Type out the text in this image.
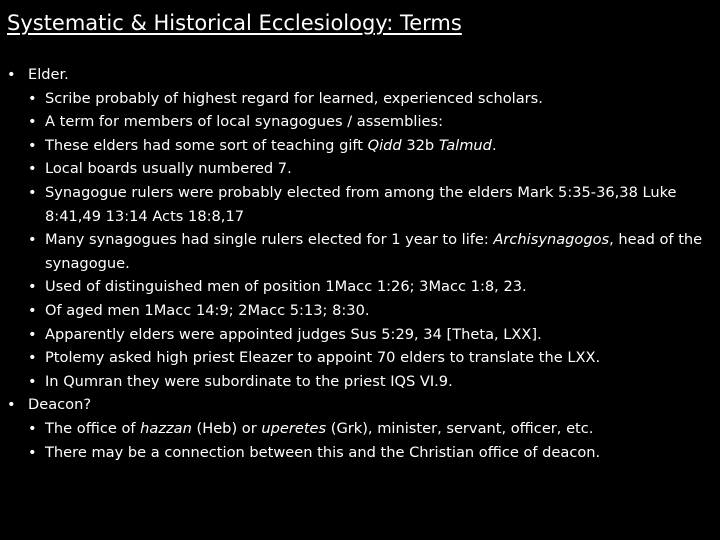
Systematic & Historical Ecclesiology: Terms
• Elder.
• Scribe probably of highest regard for learned, experienced scholars.
• A term for members of local synagogues / assemblies:
• These elders had some sort of teaching gift Qidd 32b Talmud.
• Local boards usually numbered 7.
• Synagogue rulers were probably elected from among the elders Mark 5:35-36,38 Luke 8:41,49 13:14 Acts 18:8,17
• Many synagogues had single rulers elected for 1 year to life: Archisynagogos, head of the synagogue.
• Used of distinguished men of position 1Macc 1:26; 3Macc 1:8, 23.
• Of aged men 1Macc 14:9; 2Macc 5:13; 8:30.
• Apparently elders were appointed judges Sus 5:29, 34 [Theta, LXX].
• Ptolemy asked high priest Eleazer to appoint 70 elders to translate the LXX.
• In Qumran they were subordinate to the priest IQS VI.9.
• Deacon?
• The office of hazzan (Heb) or uperetes (Grk), minister, servant, officer, etc.
• There may be a connection between this and the Christian office of deacon.
